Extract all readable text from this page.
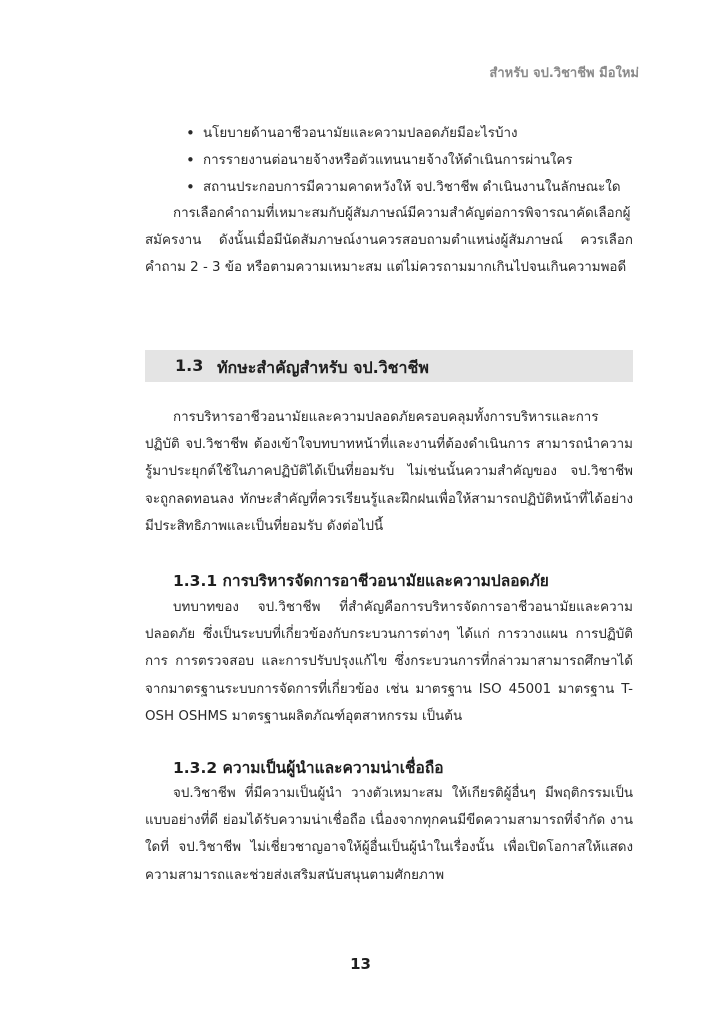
สำหรับ จป.วิชาชีพ มือใหม่
• นโยบายด้านอาชีวอนามัยและความปลอดภัยมีอะไรบ้าง
• การรายงานต่อนายจ้างหรือตัวแทนนายจ้างให้ดำเนินการผ่านใคร
• สถานประกอบการมีความคาดหวังให้ จป.วิชาชีพ ดำเนินงานในลักษณะใด

การเลือกคำถามที่เหมาะสมกับผู้สัมภาษณ์มีความสำคัญต่อการพิจารณาคัดเลือกผู้สมัครงาน ดังนั้นเมื่อมีนัดสัมภาษณ์งานควรสอบถามตำแหน่งผู้สัมภาษณ์ ควรเลือกคำถาม 2 - 3 ข้อ หรือตามความเหมาะสม แต่ไม่ควรถามมากเกินไปจนเกินความพอดี

1.3 ทักษะสำคัญสำหรับ จป.วิชาชีพ

การบริหารอาชีวอนามัยและความปลอดภัยครอบคลุมทั้งการบริหารและการปฏิบัติ จป.วิชาชีพ ต้องเข้าใจบทบาทหน้าที่และงานที่ต้องดำเนินการ สามารถนำความรู้มาประยุกต์ใช้ในภาคปฏิบัติได้เป็นที่ยอมรับ ไม่เช่นนั้นความสำคัญของ จป.วิชาชีพ จะถูกลดทอนลง ทักษะสำคัญที่ควรเรียนรู้และฝึกฝนเพื่อให้สามารถปฏิบัติหน้าที่ได้อย่างมีประสิทธิภาพและเป็นที่ยอมรับ ดังต่อไปนี้

1.3.1 การบริหารจัดการอาชีวอนามัยและความปลอดภัย

บทบาทของ จป.วิชาชีพ ที่สำคัญคือการบริหารจัดการอาชีวอนามัยและความปลอดภัย ซึ่งเป็นระบบที่เกี่ยวข้องกับกระบวนการต่างๆ ได้แก่ การวางแผน การปฏิบัติการ การตรวจสอบ และการปรับปรุงแก้ไข ซึ่งกระบวนการที่กล่าวมาสามารถศึกษาได้จากมาตรฐานระบบการจัดการที่เกี่ยวข้อง เช่น มาตรฐาน ISO 45001 มาตรฐาน T-OSH OSHMS มาตรฐานผลิตภัณฑ์อุตสาหกรรม เป็นต้น

1.3.2 ความเป็นผู้นำและความน่าเชื่อถือ

จป.วิชาชีพ ที่มีความเป็นผู้นำ วางตัวเหมาะสม ให้เกียรติผู้อื่นๆ มีพฤติกรรมเป็นแบบอย่างที่ดี ย่อมได้รับความน่าเชื่อถือ เนื่องจากทุกคนมีขีดความสามารถที่จำกัด งานใดที่ จป.วิชาชีพ ไม่เชี่ยวชาญอาจให้ผู้อื่นเป็นผู้นำในเรื่องนั้น เพื่อเปิดโอกาสให้แสดงความสามารถและช่วยส่งเสริมสนับสนุนตามศักยภาพ

13
